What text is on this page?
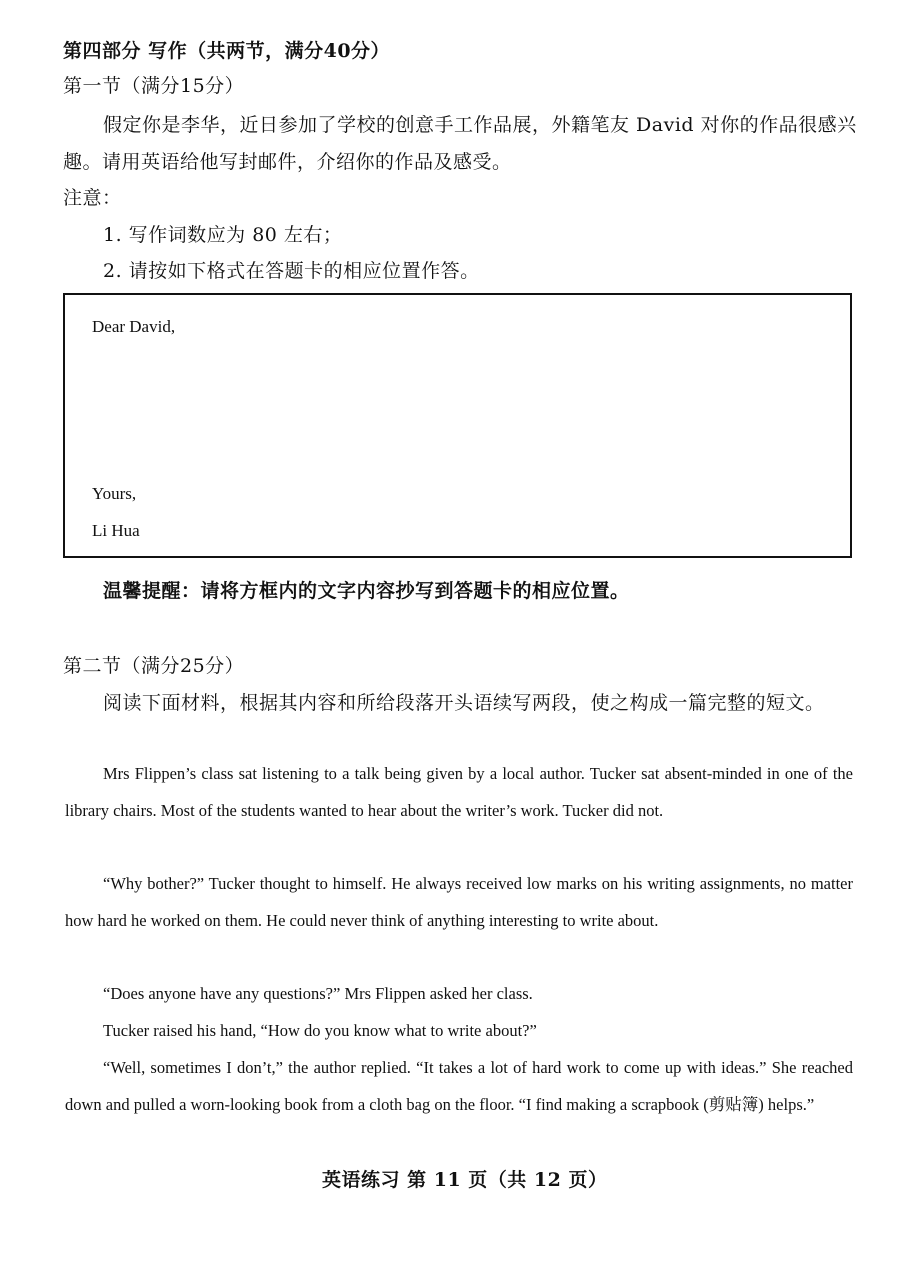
第四部分 写作（共两节，满分40分）
第一节（满分15分）
假定你是李华，近日参加了学校的创意手工作品展，外籍笔友 David 对你的作品很感兴
趣。请用英语给他写封邮件，介绍你的作品及感受。
注意：
1. 写作词数应为 80 左右；
2. 请按如下格式在答题卡的相应位置作答。
Dear David,
Yours,
Li Hua
温馨提醒：请将方框内的文字内容抄写到答题卡的相应位置。
第二节（满分25分）
阅读下面材料，根据其内容和所给段落开头语续写两段，使之构成一篇完整的短文。
Mrs Flippen’s class sat listening to a talk being given by a local author. Tucker sat absent-minded in one of the library chairs. Most of the students wanted to hear about the writer’s work. Tucker did not.
“Why bother?” Tucker thought to himself. He always received low marks on his writing assignments, no matter how hard he worked on them. He could never think of anything interesting to write about.
“Does anyone have any questions?” Mrs Flippen asked her class.
Tucker raised his hand, “How do you know what to write about?”
“Well, sometimes I don’t,” the author replied. “It takes a lot of hard work to come up with ideas.” She reached down and pulled a worn-looking book from a cloth bag on the floor. “I find making a scrapbook (剪贴簿) helps.”
英语练习 第 11 页（共 12 页）
